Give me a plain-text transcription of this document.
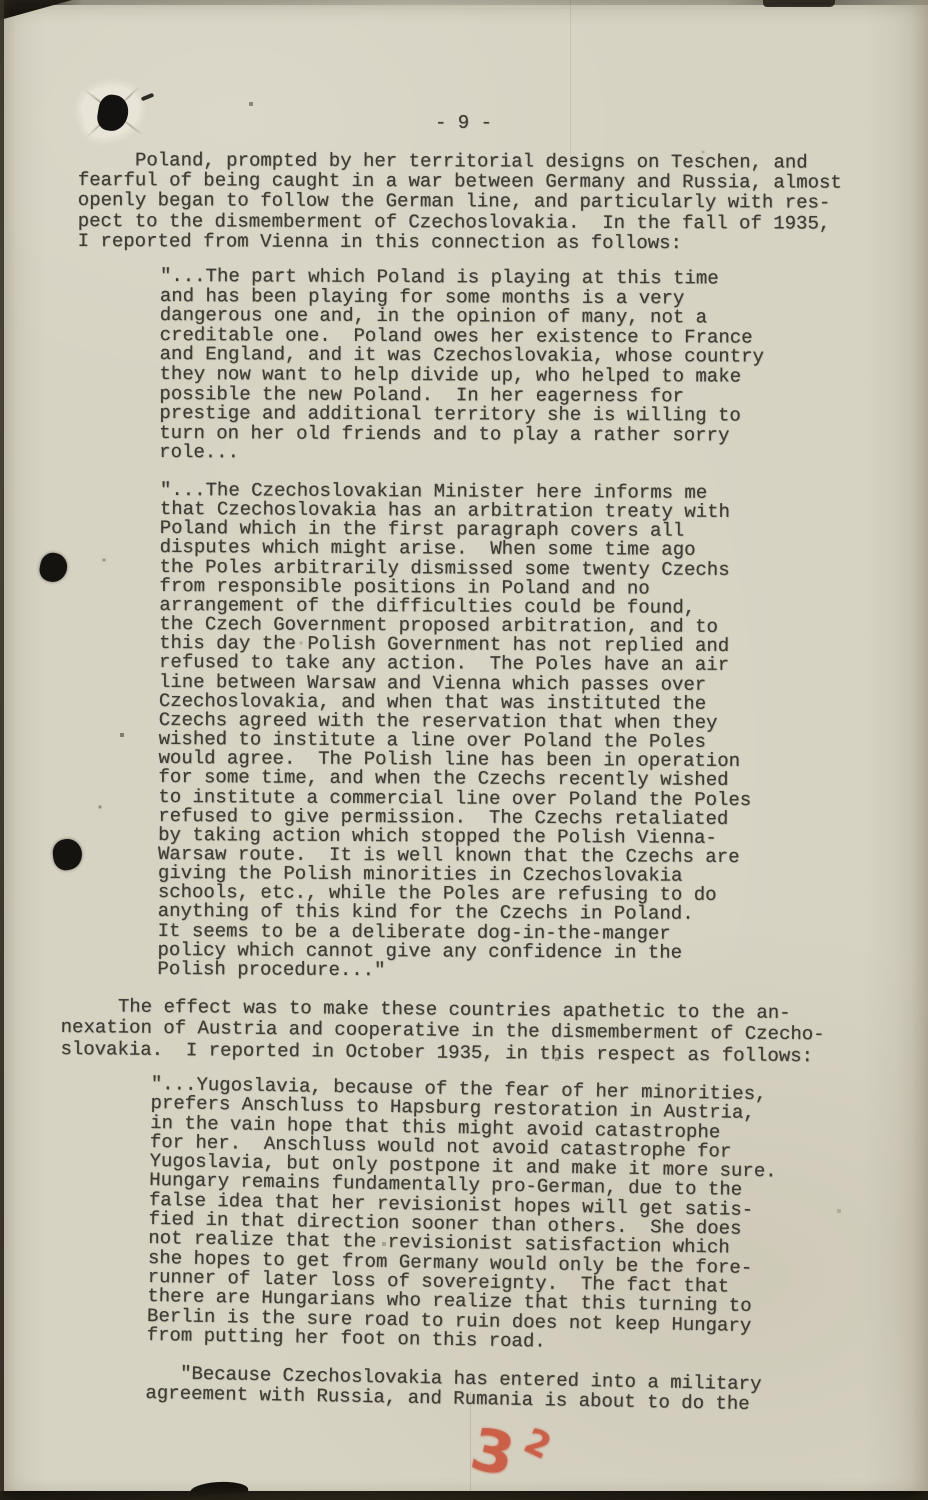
- 9 -
Poland, prompted by her territorial designs on Teschen, and
fearful of being caught in a war between Germany and Russia, almost
openly began to follow the German line, and particularly with res-
pect to the dismemberment of Czechoslovakia.  In the fall of 1935,
I reported from Vienna in this connection as follows:
"...The part which Poland is playing at this time
and has been playing for some months is a very
dangerous one and, in the opinion of many, not a
creditable one.  Poland owes her existence to France
and England, and it was Czechoslovakia, whose country
they now want to help divide up, who helped to make
possible the new Poland.  In her eagerness for
prestige and additional territory she is willing to
turn on her old friends and to play a rather sorry
role...
"...The Czechoslovakian Minister here informs me
that Czechoslovakia has an arbitration treaty with
Poland which in the first paragraph covers all
disputes which might arise.  When some time ago
the Poles arbitrarily dismissed some twenty Czechs
from responsible positions in Poland and no
arrangement of the difficulties could be found,
the Czech Government proposed arbitration, and to
this day the Polish Government has not replied and
refused to take any action.  The Poles have an air
line between Warsaw and Vienna which passes over
Czechoslovakia, and when that was instituted the
Czechs agreed with the reservation that when they
wished to institute a line over Poland the Poles
would agree.  The Polish line has been in operation
for some time, and when the Czechs recently wished
to institute a commercial line over Poland the Poles
refused to give permission.  The Czechs retaliated
by taking action which stopped the Polish Vienna-
Warsaw route.  It is well known that the Czechs are
giving the Polish minorities in Czechoslovakia
schools, etc., while the Poles are refusing to do
anything of this kind for the Czechs in Poland.
It seems to be a deliberate dog-in-the-manger
policy which cannot give any confidence in the
Polish procedure..."
The effect was to make these countries apathetic to the an-
nexation of Austria and cooperative in the dismemberment of Czecho-
slovakia.  I reported in October 1935, in this respect as follows:
"...Yugoslavia, because of the fear of her minorities,
prefers Anschluss to Hapsburg restoration in Austria,
in the vain hope that this might avoid catastrophe
for her.  Anschluss would not avoid catastrophe for
Yugoslavia, but only postpone it and make it more sure.
Hungary remains fundamentally pro-German, due to the
false idea that her revisionist hopes will get satis-
fied in that direction sooner than others.  She does
not realize that the revisionist satisfaction which
she hopes to get from Germany would only be the fore-
runner of later loss of sovereignty.  The fact that
there are Hungarians who realize that this turning to
Berlin is the sure road to ruin does not keep Hungary
from putting her foot on this road.
"Because Czechoslovakia has entered into a military
agreement with Russia, and Rumania is about to do the
32
